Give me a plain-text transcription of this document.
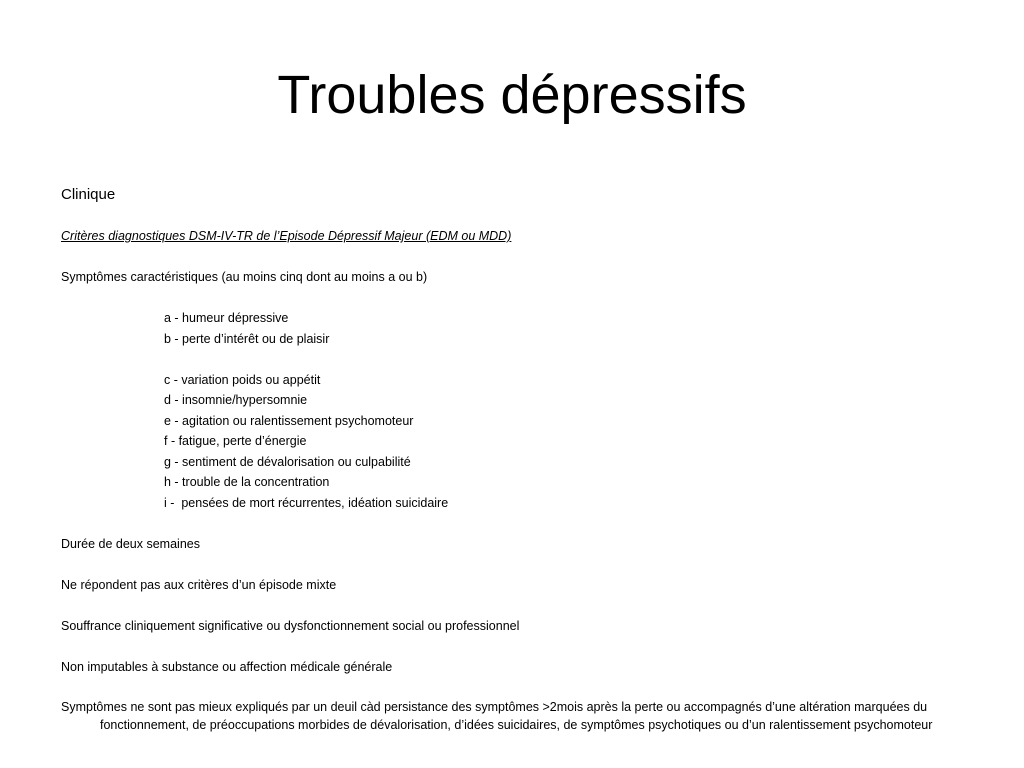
Troubles dépressifs
Clinique
Critères diagnostiques DSM-IV-TR de l’Episode Dépressif Majeur (EDM ou MDD)
Symptômes caractéristiques (au moins cinq dont au moins a ou b)
a - humeur dépressive
b - perte d’intérêt ou de plaisir
c - variation poids ou appétit
d - insomnie/hypersomnie
e - agitation ou ralentissement psychomoteur
f - fatigue, perte d’énergie
g - sentiment de dévalorisation ou culpabilité
h - trouble de la concentration
i -  pensées de mort récurrentes, idéation suicidaire
Durée de deux semaines
Ne répondent pas aux critères d’un épisode mixte
Souffrance cliniquement significative ou dysfonctionnement social ou professionnel
Non imputables à substance ou affection médicale générale
Symptômes ne sont pas mieux expliqués par un deuil càd persistance des symptômes >2mois après la perte ou accompagnés d’une altération marquées du fonctionnement, de préoccupations morbides de dévalorisation, d’idées suicidaires, de symptômes psychotiques ou d’un ralentissement psychomoteur
